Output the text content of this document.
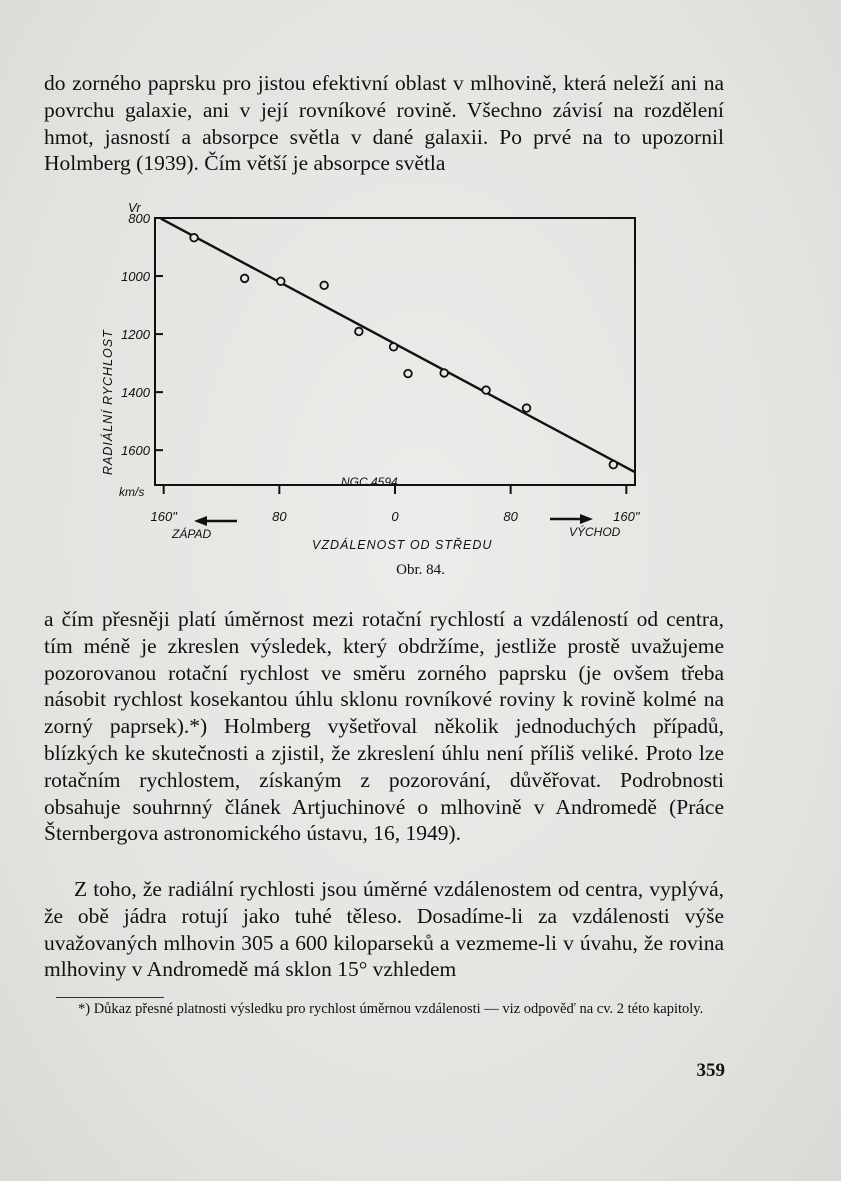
do zorného paprsku pro jistou efektivní oblast v mlhovině, která neleží ani na povrchu galaxie, ani v její rovníkové rovině. Všechno závisí na rozdělení hmot, jasností a absorpce světla v dané galaxii. Po prvé na to upozornil Holmberg (1939). Čím větší je absorpce světla

800
1000
1200
1400
1600
160"	80	0	80	160"
Vr
km/s
RADIÁLNÍ RYCHLOST
NGC 4594
VZDÁLENOST OD STŘEDU
ZÁPAD	VÝCHOD
Obr. 84.

a čím přesněji platí úměrnost mezi rotační rychlostí a vzdáleností od centra, tím méně je zkreslen výsledek, který obdržíme, jestliže prostě uvažujeme pozorovanou rotační rychlost ve směru zorného paprsku (je ovšem třeba násobit rychlost kosekantou úhlu sklonu rovníkové roviny k rovině kolmé na zorný paprsek).*) Holmberg vyšetřoval několik jednoduchých případů, blízkých ke skutečnosti a zjistil, že zkreslení úhlu není příliš veliké. Proto lze rotačním rychlostem, získaným z pozorování, důvěřovat. Podrobnosti obsahuje souhrnný článek Artjuchinové o mlhovině v Andromedě (Práce Šternbergova astronomického ústavu, 16, 1949).

Z toho, že radiální rychlosti jsou úměrné vzdálenostem od centra, vyplývá, že obě jádra rotují jako tuhé těleso. Dosadíme-li za vzdálenosti výše uvažovaných mlhovin 305 a 600 kiloparseků a vezmeme-li v úvahu, že rovina mlhoviny v Andromedě má sklon 15° vzhledem

*) Důkaz přesné platnosti výsledku pro rychlost úměrnou vzdálenosti — viz odpověď na cv. 2 této kapitoly.

359
